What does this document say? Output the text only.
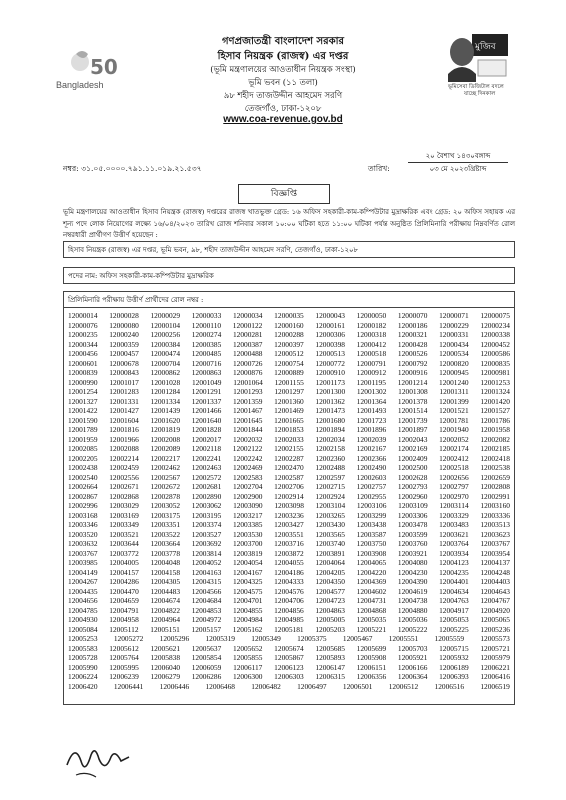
50
Bangladesh
গণপ্রজাতন্ত্রী বাংলাদেশ সরকার
হিসাব নিয়ন্ত্রক (রাজস্ব) এর দপ্তর
(ভূমি মন্ত্রণালয়ের আওতাধীন নিয়ন্ত্রক সংস্থা)
ভূমি ভবন (১১ তলা)
৯৮ শহীদ তাজউদ্দীন আহমেদ সরণি
তেজগাঁও, ঢাকা-১২০৮
www.coa-revenue.gov.bd
মুজিব
ভূমিসেবা ডিজিটাল বদলে
যাচ্ছে দিনকাল
নম্বর: ৩১.০৫.০০০০.৭৯১.১১.০১৯.২১.৫৩৭	তারিখ:
২০ বৈশাখ ১৪৩০বঙ্গাব্দ
০৩ মে ২০২৩খ্রিষ্টাব্দ
বিজ্ঞপ্তি
ভূমি মন্ত্রণালয়ের আওতাধীন হিসাব নিয়ন্ত্রক (রাজস্ব) দপ্তরের রাজস্ব খাতভুক্ত গ্রেড: ১৬ অফিস সহকারী-কাম-কম্পিউটার মুদ্রাক্ষরিক এবং গ্রেড: ২০ অফিস সহায়ক এর শূন্য পদে লোক নিয়োগের লক্ষ্যে ১৬/০৪/২০২৩ তারিখ রোজ শনিবার সকাল ১০:০০ ঘটিকা হতে ১১:০০ ঘটিকা পর্যন্ত অনুষ্ঠিত প্রিলিমিনারি পরীক্ষায় নিম্নবর্ণিত রোল নম্বরধারী প্রার্থীগণ উত্তীর্ণ হয়েছেন :
হিসাব নিয়ন্ত্রক (রাজস্ব) এর দপ্তর, ভূমি ভবন, ৯৮, শহীদ তাজউদ্দীন আহমেদ সরণি, তেজগাঁও, ঢাকা-১২০৮
পদের নাম: অফিস সহকারী-কাম-কম্পিউটার মুদ্রাক্ষরিক
প্রিলিমিনারি পরীক্ষায় উত্তীর্ণ প্রার্থীদের রোল নম্বর :
12000014 12000028 12000029 12000033 12000034 12000035 12000043 12000050 12000070 12000071 12000075
12000076 12000080 12000104 12000110 12000122 12000160 12000161 12000182 12000186 12000229 12000234
12000235 12000240 12000256 12000274 12000281 12000288 12000306 12000318 12000321 12000331 12000338
12000344 12000359 12000384 12000385 12000387 12000397 12000398 12000412 12000428 12000434 12000452
12000456 12000457 12000474 12000485 12000488 12000512 12000513 12000518 12000526 12000534 12000586
12000601 12000678 12000704 12000716 12000726 12000754 12000772 12000791 12000792 12000820 12000835
12000839 12000843 12000862 12000863 12000876 12000889 12000910 12000912 12000916 12000945 12000981
12000990 12001017 12001028 12001049 12001064 12001155 12001173 12001195 12001214 12001240 12001253
12001254 12001283 12001284 12001291 12001293 12001297 12001300 12001302 12001308 12001311 12001324
12001327 12001331 12001334 12001337 12001359 12001360 12001362 12001364 12001378 12001399 12001420
12001422 12001427 12001439 12001466 12001467 12001469 12001473 12001493 12001514 12001521 12001527
12001590 12001604 12001620 12001640 12001645 12001665 12001680 12001723 12001739 12001781 12001786
12001789 12001816 12001819 12001828 12001844 12001853 12001894 12001896 12001897 12001940 12001958
12001959 12001966 12002008 12002017 12002032 12002033 12002034 12002039 12002043 12002052 12002082
12002085 12002088 12002089 12002118 12002122 12002155 12002158 12002167 12002169 12002174 12002185
12002205 12002214 12002217 12002241 12002242 12002287 12002360 12002366 12002409 12002412 12002418
12002438 12002459 12002462 12002463 12002469 12002470 12002488 12002490 12002500 12002518 12002538
12002540 12002556 12002567 12002572 12002583 12002587 12002597 12002603 12002628 12002656 12002659
12002664 12002671 12002672 12002681 12002704 12002706 12002715 12002757 12002793 12002797 12002808
12002867 12002868 12002878 12002890 12002900 12002914 12002924 12002955 12002960 12002970 12002991
12002996 12003029 12003052 12003062 12003090 12003098 12003104 12003106 12003109 12003114 12003160
12003168 12003169 12003175 12003195 12003217 12003236 12003265 12003299 12003306 12003329 12003336
12003346 12003349 12003351 12003374 12003385 12003427 12003430 12003438 12003478 12003483 12003513
12003520 12003521 12003522 12003527 12003530 12003551 12003565 12003587 12003599 12003621 12003623
12003632 12003644 12003664 12003692 12003700 12003716 12003740 12003750 12003760 12003764 12003767
12003767 12003772 12003778 12003814 12003819 12003872 12003891 12003908 12003921 12003934 12003954
12003985 12004005 12004048 12004052 12004054 12004055 12004064 12004065 12004080 12004123 12004137
12004149 12004157 12004158 12004163 12004167 12004186 12004205 12004220 12004230 12004235 12004248
12004267 12004286 12004305 12004315 12004325 12004333 12004350 12004369 12004390 12004401 12004403
12004435 12004470 12004483 12004566 12004575 12004576 12004577 12004602 12004619 12004634 12004643
12004656 12004659 12004674 12004684 12004701 12004706 12004723 12004731 12004738 12004763 12004767
12004785 12004791 12004822 12004853 12004855 12004856 12004863 12004868 12004880 12004917 12004920
12004930 12004958 12004964 12004972 12004984 12004985 12005005 12005035 12005036 12005053 12005065
12005084 12005112 12005151 12005157 12005162 12005181 12005203 12005221 12005222 12005225 12005236
12005253 12005272 12005296 12005319 12005349 12005375 12005467 12005551 12005559 12005573
12005583 12005612 12005621 12005637 12005652 12005674 12005685 12005699 12005703 12005715 12005721
12005728 12005764 12005838 12005854 12005855 12005867 12005893 12005908 12005921 12005932 12005979
12005990 12005995 12006040 12006059 12006117 12006123 12006147 12006151 12006166 12006189 12006221
12006224 12006239 12006279 12006286 12006300 12006303 12006315 12006356 12006364 12006393 12006416
12006420 12006441 12006446 12006468 12006482 12006497 12006501 12006512 12006516 12006519
